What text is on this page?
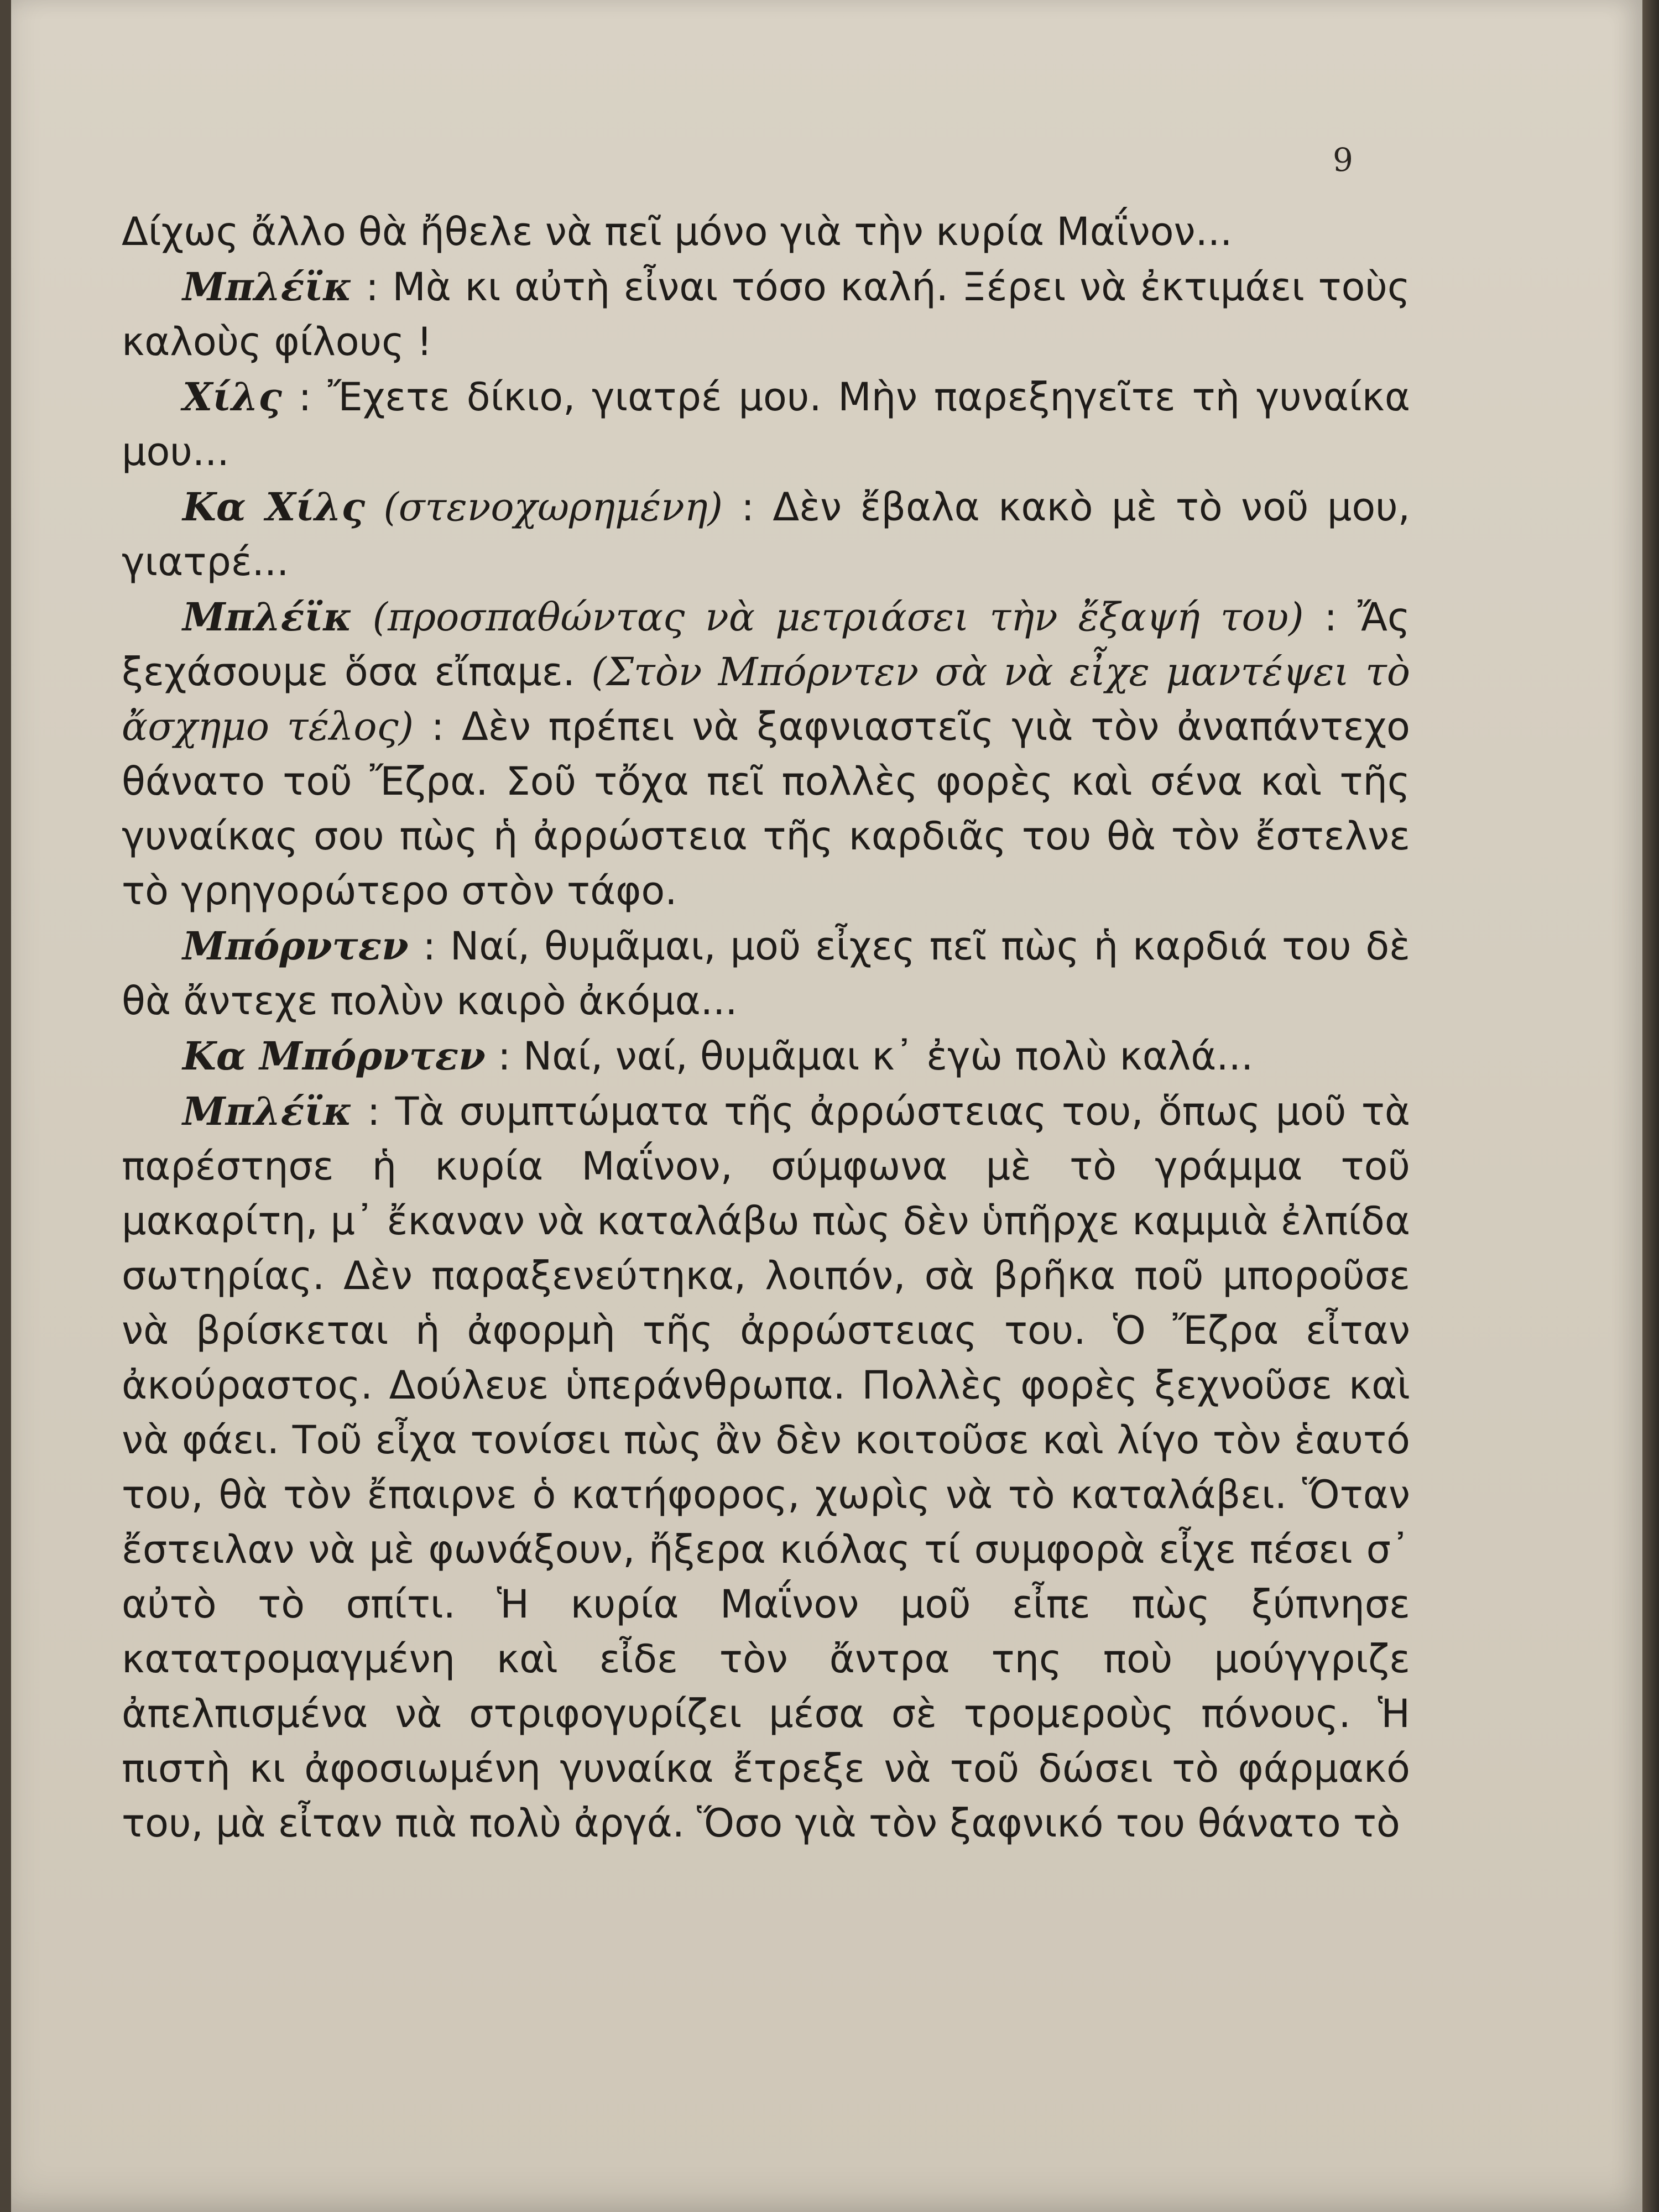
9

Δίχως ἄλλο θὰ ἤθελε νὰ πεῖ μόνο γιὰ τὴν κυρία Μαΐνον...

Μπλέϊκ : Μὰ κι αὐτὴ εἶναι τόσο καλή. Ξέρει νὰ ἐκτιμάει τοὺς καλοὺς φίλους !

Χίλς : Ἔχετε δίκιο, γιατρέ μου. Μὴν παρεξηγεῖτε τὴ γυναίκα μου...

Κα Χίλς (στενοχωρημένη) : Δὲν ἔβαλα κακὸ μὲ τὸ νοῦ μου, γιατρέ...

Μπλέϊκ (προσπαθώντας νὰ μετριάσει τὴν ἔξαψή του) : Ἄς ξεχάσουμε ὅσα εἴπαμε. (Στὸν Μπόρντεν σὰ νὰ εἶχε μαντέψει τὸ ἄσχημο τέλος) : Δὲν πρέπει νὰ ξαφνιαστεῖς γιὰ τὸν ἀναπάντεχο θάνατο τοῦ Ἔζρα. Σοῦ τὄχα πεῖ πολλὲς φορὲς καὶ σένα καὶ τῆς γυναίκας σου πὼς ἡ ἀρρώστεια τῆς καρδιᾶς του θὰ τὸν ἔστελνε τὸ γρηγορώτερο στὸν τάφο.

Μπόρντεν : Ναί, θυμᾶμαι, μοῦ εἶχες πεῖ πὼς ἡ καρδιά του δὲ θὰ ἄντεχε πολὺν καιρὸ ἀκόμα...

Κα Μπόρντεν : Ναί, ναί, θυμᾶμαι κ᾿ ἐγὼ πολὺ καλά...

Μπλέϊκ : Τὰ συμπτώματα τῆς ἀρρώστειας του, ὅπως μοῦ τὰ παρέστησε ἡ κυρία Μαΐνον, σύμφωνα μὲ τὸ γράμμα τοῦ μακαρίτη, μ᾿ ἔκαναν νὰ καταλάβω πὼς δὲν ὑπῆρχε καμμιὰ ἐλπίδα σωτηρίας. Δὲν παραξενεύτηκα, λοιπόν, σὰ βρῆκα ποῦ μποροῦσε νὰ βρίσκεται ἡ ἀφορμὴ τῆς ἀρρώστειας του. Ὁ Ἔζρα εἶταν ἀκούραστος. Δούλευε ὑπεράνθρωπα. Πολλὲς φορὲς ξεχνοῦσε καὶ νὰ φάει. Τοῦ εἶχα τονίσει πὼς ἂν δὲν κοιτοῦσε καὶ λίγο τὸν ἑαυτό του, θὰ τὸν ἔπαιρνε ὁ κατήφορος, χωρὶς νὰ τὸ καταλάβει. Ὅταν ἔστειλαν νὰ μὲ φωνάξουν, ἤξερα κιόλας τί συμφορὰ εἶχε πέσει σ᾿ αὐτὸ τὸ σπίτι. Ἡ κυρία Μαΐνον μοῦ εἶπε πὼς ξύπνησε κατατρομαγμένη καὶ εἶδε τὸν ἄντρα της ποὺ μούγγριζε ἀπελπισμένα νὰ στριφογυρίζει μέσα σὲ τρομεροὺς πόνους. Ἡ πιστὴ κι ἀφοσιωμένη γυναίκα ἔτρεξε νὰ τοῦ δώσει τὸ φάρμακό του, μὰ εἶταν πιὰ πολὺ ἀργά. Ὅσο γιὰ τὸν ξαφνικό του θάνατο τὸ
